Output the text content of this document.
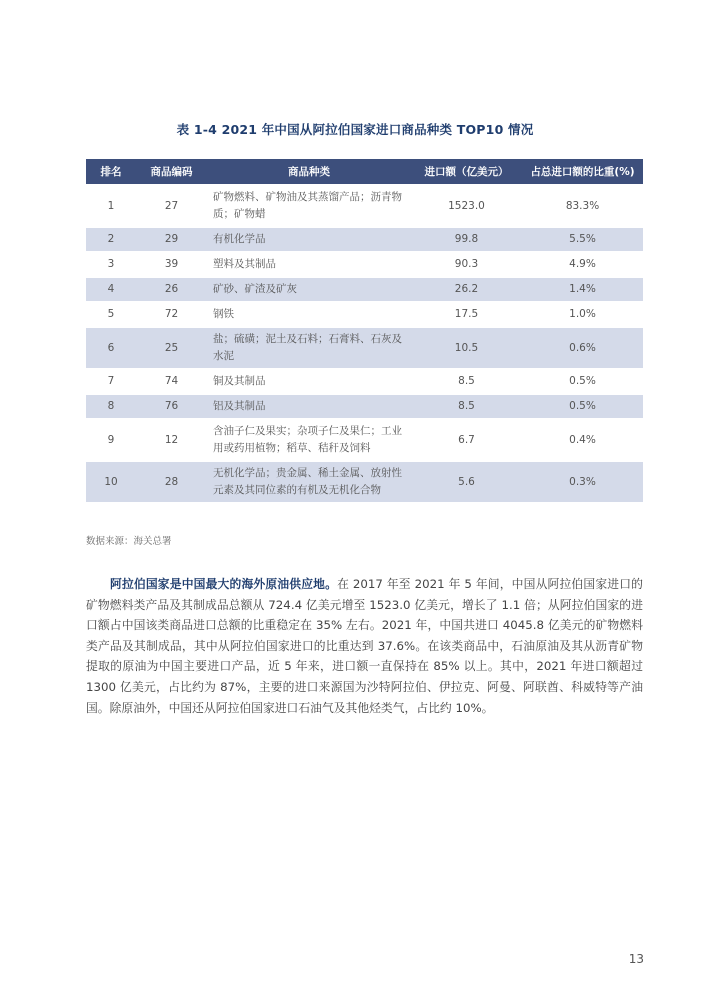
表 1-4 2021 年中国从阿拉伯国家进口商品种类 TOP10 情况
排名	商品编码	商品种类	进口额（亿美元）	占总进口额的比重(%)
1	27	矿物燃料、矿物油及其蒸馏产品；沥青物质；矿物蜡	1523.0	83.3%
2	29	有机化学品	99.8	5.5%
3	39	塑料及其制品	90.3	4.9%
4	26	矿砂、矿渣及矿灰	26.2	1.4%
5	72	钢铁	17.5	1.0%
6	25	盐；硫磺；泥土及石料；石膏料、石灰及水泥	10.5	0.6%
7	74	铜及其制品	8.5	0.5%
8	76	铝及其制品	8.5	0.5%
9	12	含油子仁及果实；杂项子仁及果仁；工业用或药用植物；稻草、秸秆及饲料	6.7	0.4%
10	28	无机化学品；贵金属、稀土金属、放射性元素及其同位素的有机及无机化合物	5.6	0.3%
数据来源：海关总署

阿拉伯国家是中国最大的海外原油供应地。在 2017 年至 2021 年 5 年间，中国从阿拉伯国家进口的矿物燃料类产品及其制成品总额从 724.4 亿美元增至 1523.0 亿美元，增长了 1.1 倍；从阿拉伯国家的进口额占中国该类商品进口总额的比重稳定在 35% 左右。2021 年，中国共进口 4045.8 亿美元的矿物燃料类产品及其制成品，其中从阿拉伯国家进口的比重达到 37.6%。在该类商品中，石油原油及其从沥青矿物提取的原油为中国主要进口产品，近 5 年来，进口额一直保持在 85% 以上。其中，2021 年进口额超过 1300 亿美元，占比约为 87%，主要的进口来源国为沙特阿拉伯、伊拉克、阿曼、阿联酋、科威特等产油国。除原油外，中国还从阿拉伯国家进口石油气及其他烃类气，占比约 10%。

13
